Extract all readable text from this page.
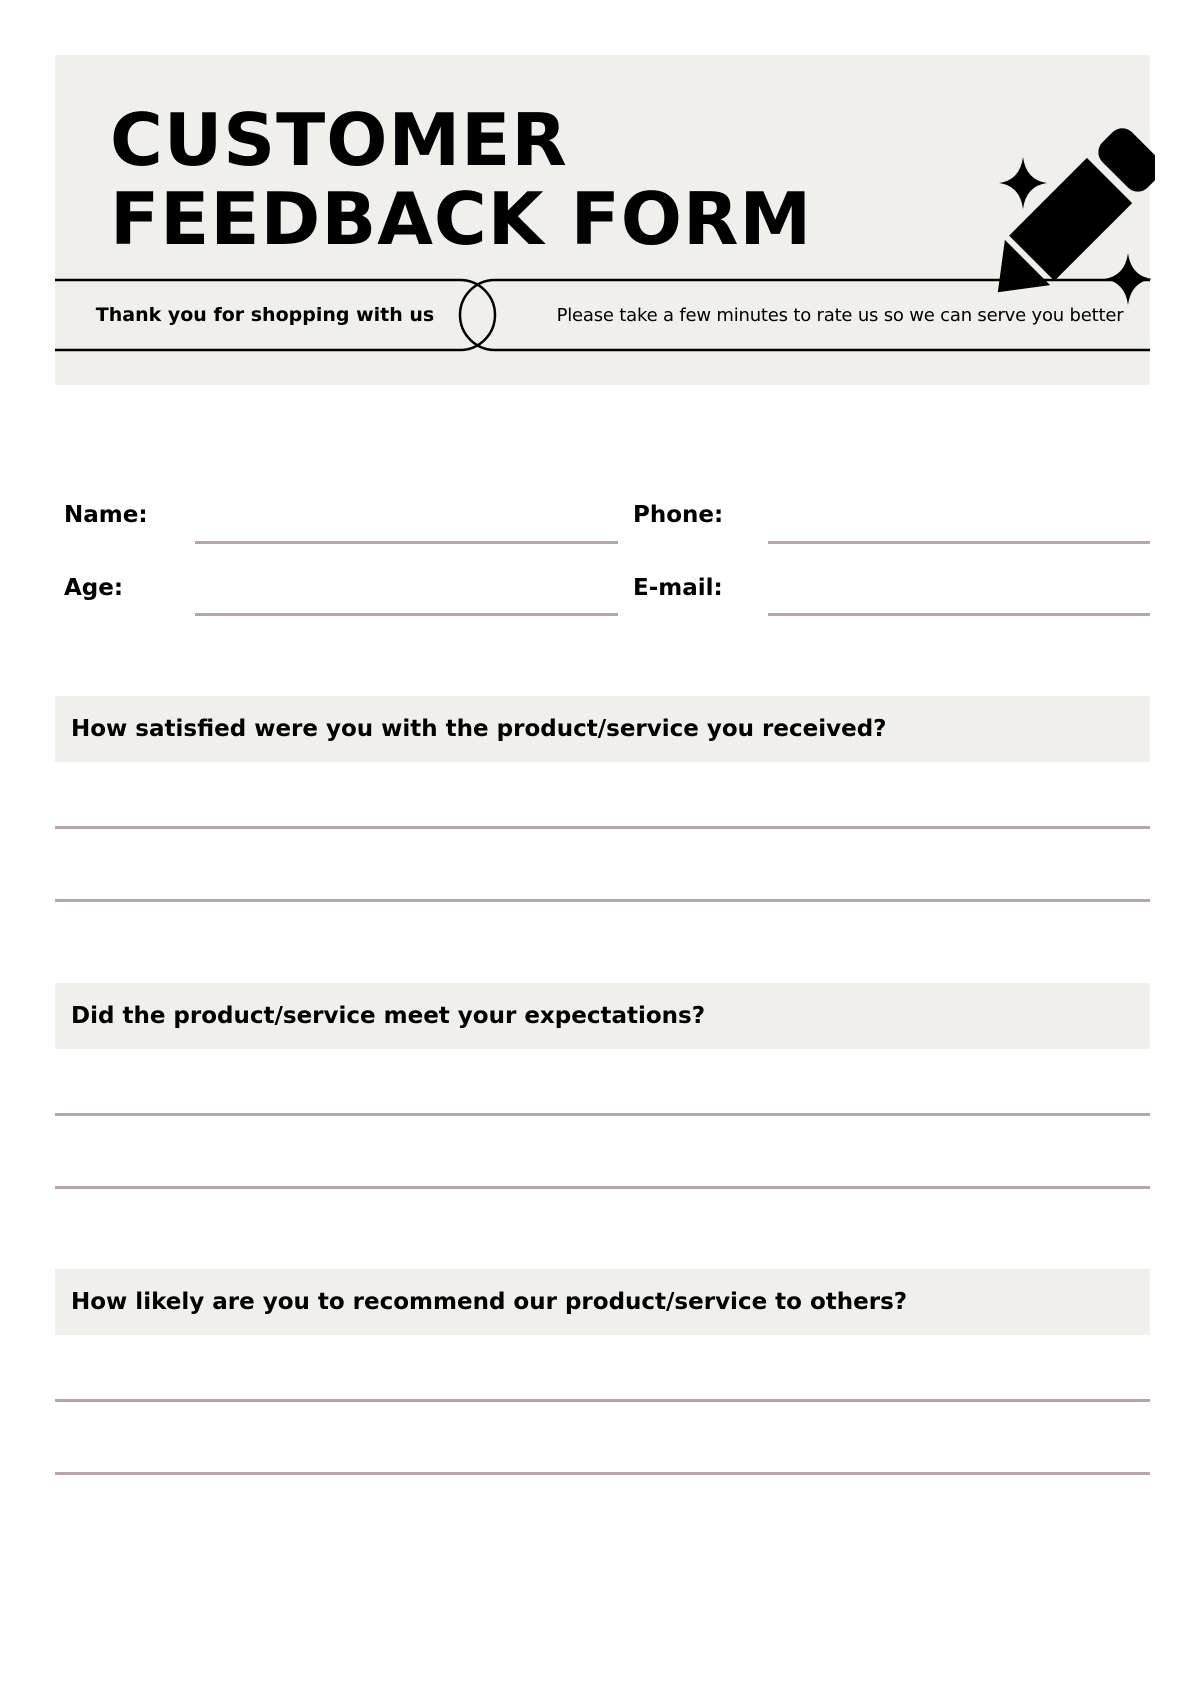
CUSTOMER
FEEDBACK FORM
Thank you for shopping with us	Please take a few minutes to rate us so we can serve you better
Name:	Phone:
Age:	E-mail:
How satisfied were you with the product/service you received?
Did the product/service meet your expectations?
How likely are you to recommend our product/service to others?
